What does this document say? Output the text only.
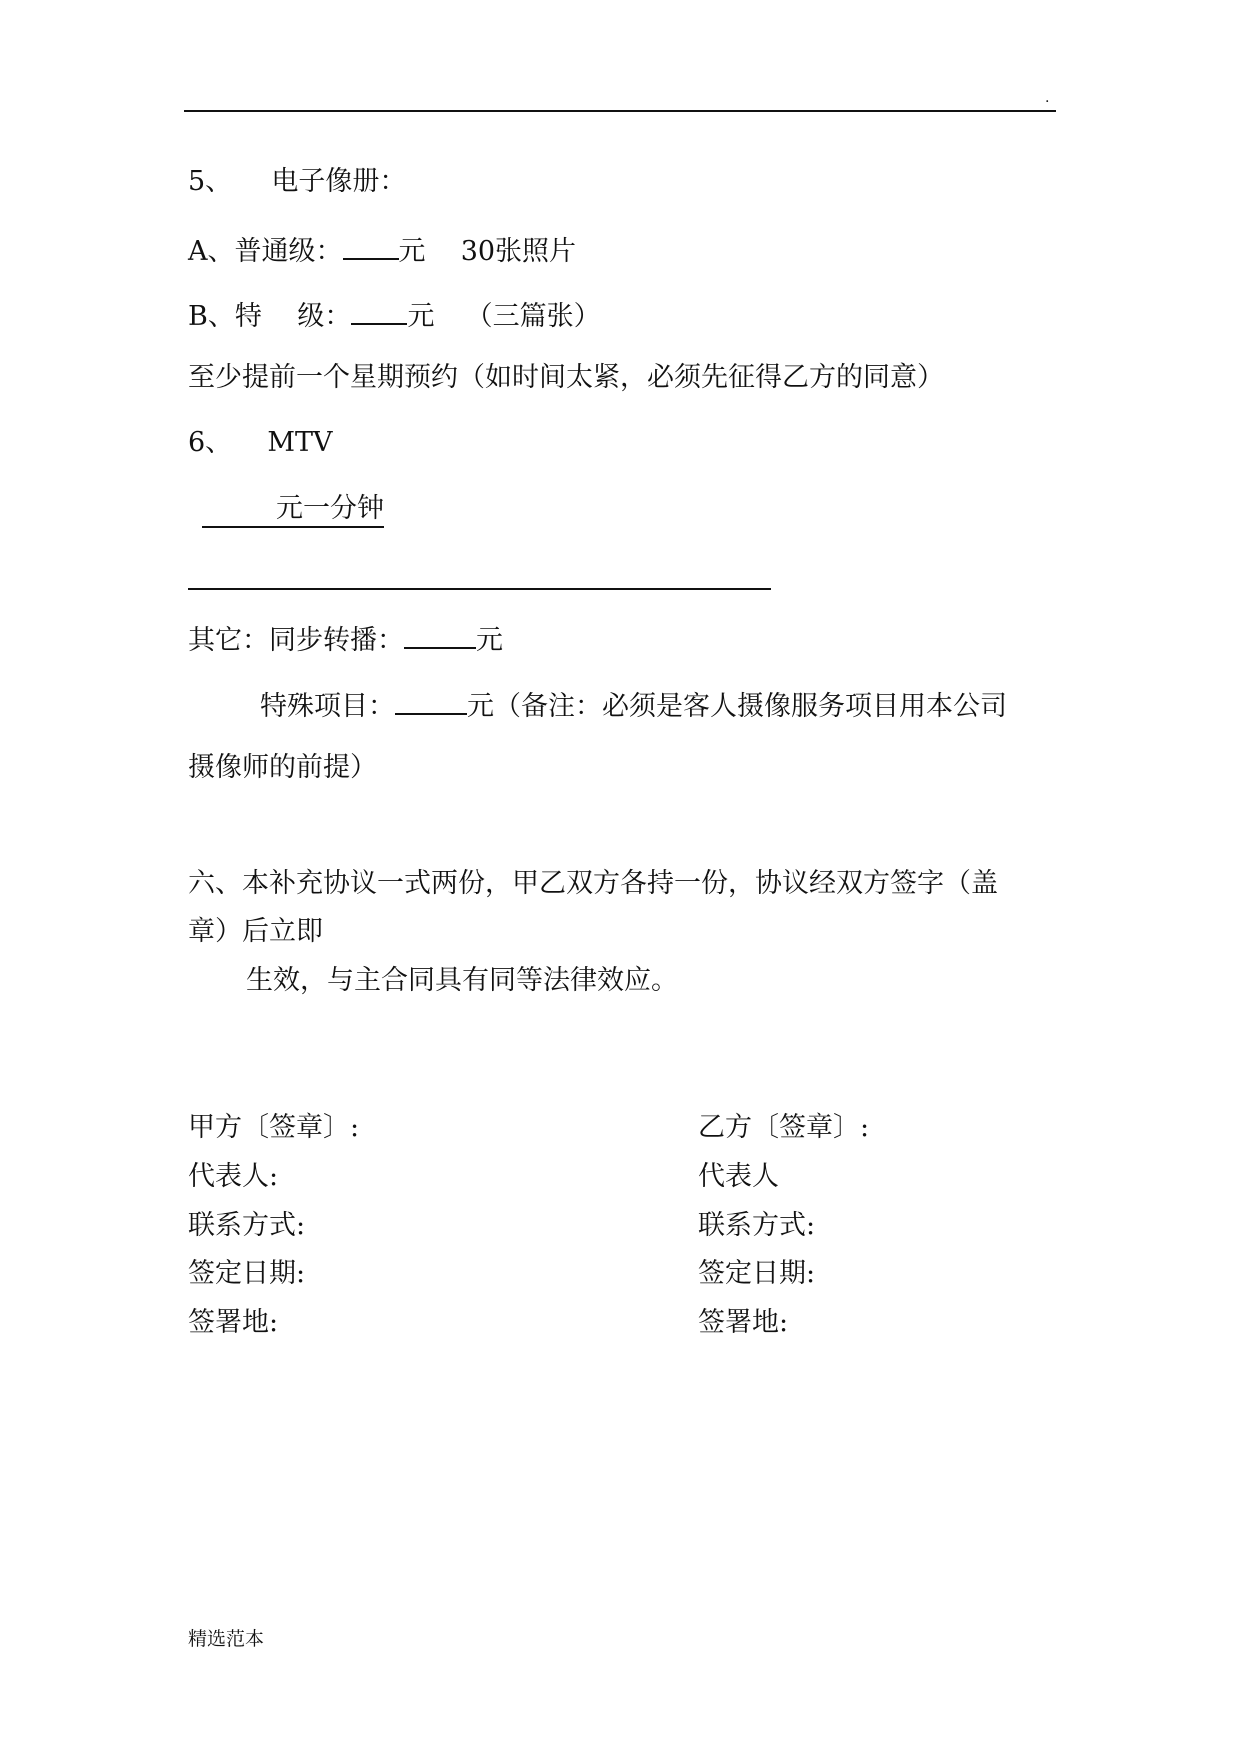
.
5、 电子像册：
A、普通级： 元 30张照片
B、特　 级： 元 （三篇张）
至少提前一个星期预约（如时间太紧，必须先征得乙方的同意）
6、 MTV
元一分钟
其它：同步转播：	元
特殊项目：	元（备注：必须是客人摄像服务项目用本公司
摄像师的前提）
六、本补充协议一式两份，甲乙双方各持一份，协议经双方签字（盖
章）后立即
生效，与主合同具有同等法律效应。
甲方〔签章〕:
代表人:
联系方式:
签定日期:
签署地:
乙方〔签章〕:
代表人
联系方式:
签定日期:
签署地:
精选范本
